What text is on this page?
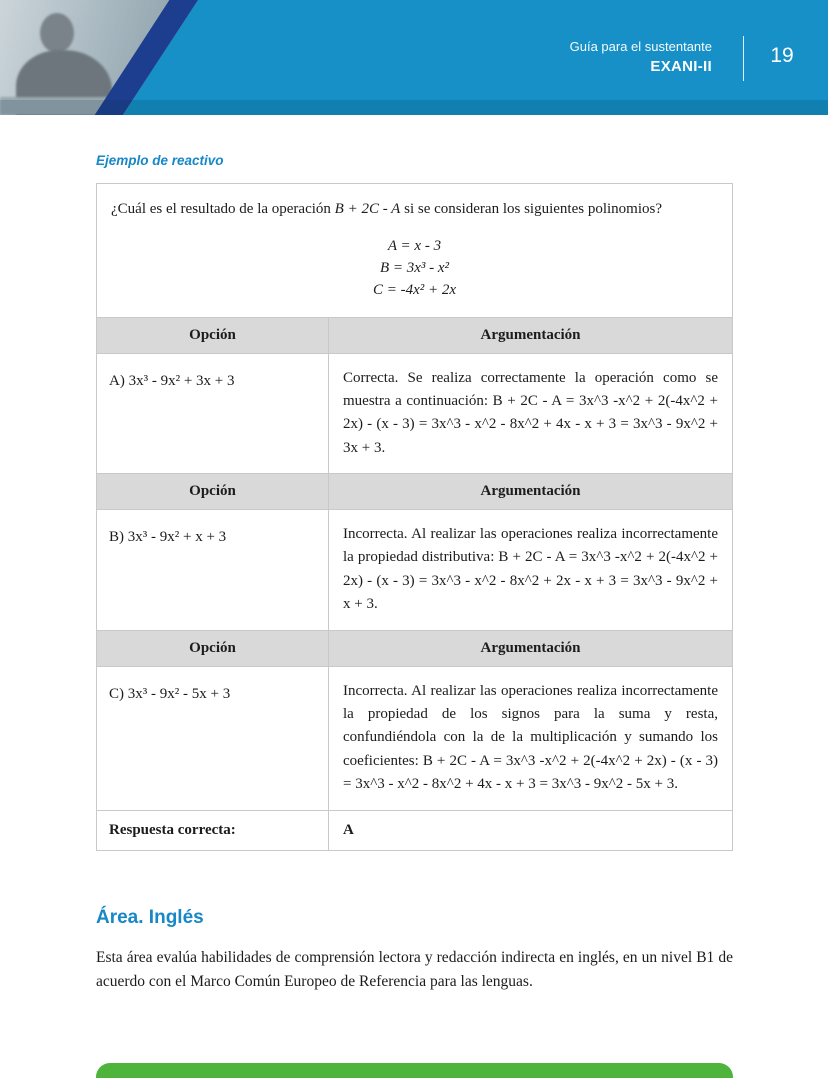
Guía para el sustentante
EXANI-II	19
Ejemplo de reactivo

¿Cuál es el resultado de la operación B + 2C - A si se consideran los siguientes polinomios?

A = x - 3
B = 3x³ - x²
C = -4x² + 2x	

Opción	Argumentación
A) 3x³ - 9x² + 3x + 3	Correcta. Se realiza correctamente la operación como se muestra a continuación: B + 2C - A = 3x^3 -x^2 + 2(-4x^2 + 2x) - (x - 3) = 3x^3 - x^2 - 8x^2 + 4x - x + 3 = 3x^3 - 9x^2 + 3x + 3.
Opción	Argumentación
B) 3x³ - 9x² + x + 3	Incorrecta. Al realizar las operaciones realiza incorrectamente la propiedad distributiva: B + 2C - A = 3x^3 -x^2 + 2(-4x^2 + 2x) - (x - 3) = 3x^3 - x^2 - 8x^2 + 2x - x + 3 = 3x^3 - 9x^2 + x + 3.
Opción	Argumentación
C) 3x³ - 9x² - 5x + 3	Incorrecta. Al realizar las operaciones realiza incorrectamente la propiedad de los signos para la suma y resta, confundiéndola con la de la multiplicación y sumando los coeficientes: B + 2C - A = 3x^3 -x^2 + 2(-4x^2 + 2x) - (x - 3) = 3x^3 - x^2 - 8x^2 + 4x - x + 3 = 3x^3 - 9x^2 - 5x + 3.
Respuesta correcta:	A
Área. Inglés

Esta área evalúa habilidades de comprensión lectora y redacción indirecta en inglés, en un nivel B1 de acuerdo con el Marco Común Europeo de Referencia para las lenguas.
